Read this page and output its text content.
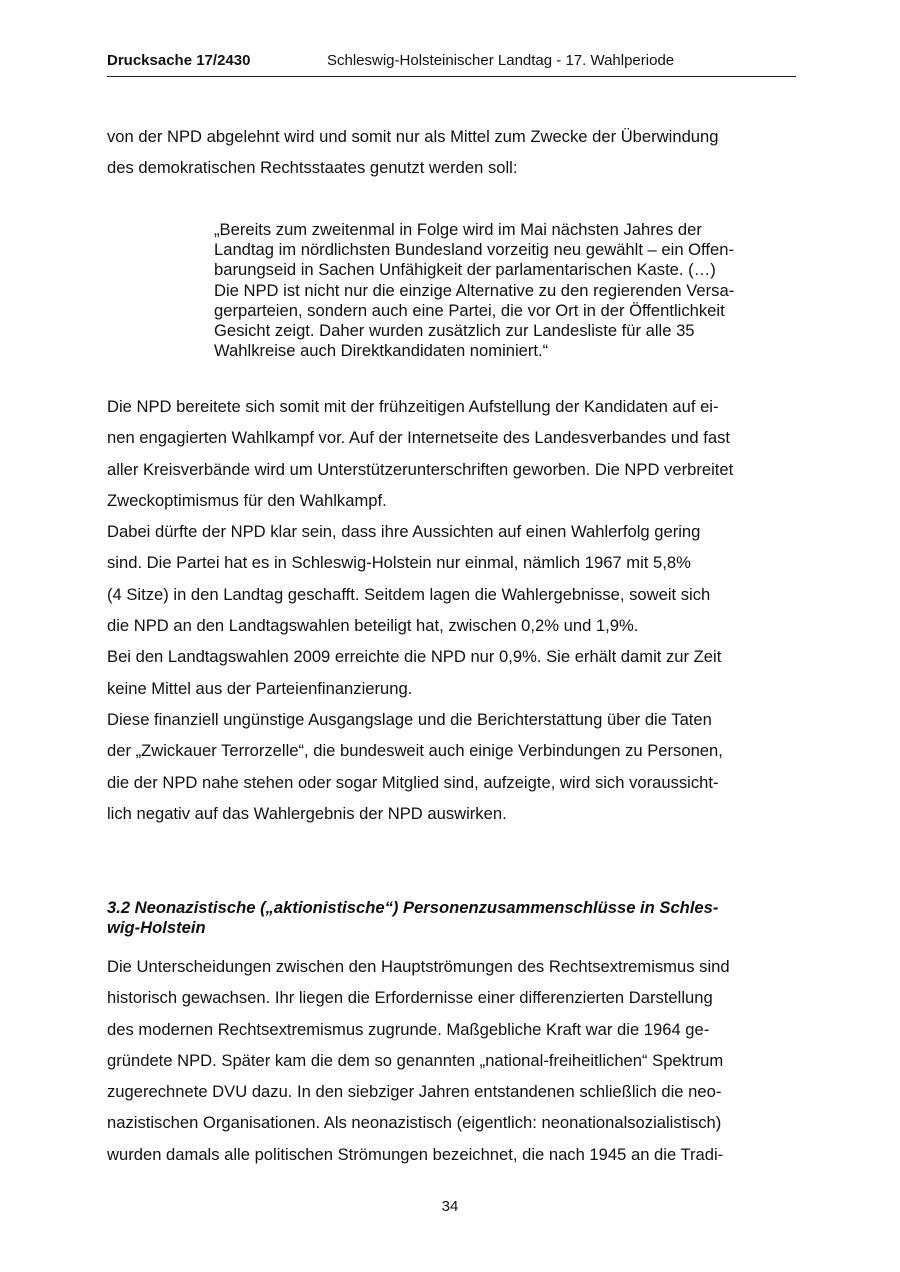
Drucksache 17/2430	Schleswig-Holsteinischer Landtag - 17. Wahlperiode

von der NPD abgelehnt wird und somit nur als Mittel zum Zwecke der Überwindung
des demokratischen Rechtsstaates genutzt werden soll:

„Bereits zum zweitenmal in Folge wird im Mai nächsten Jahres der
Landtag im nördlichsten Bundesland vorzeitig neu gewählt – ein Offen-
barungseid in Sachen Unfähigkeit der parlamentarischen Kaste. (…)
Die NPD ist nicht nur die einzige Alternative zu den regierenden Versa-
gerparteien, sondern auch eine Partei, die vor Ort in der Öffentlichkeit
Gesicht zeigt. Daher wurden zusätzlich zur Landesliste für alle 35
Wahlkreise auch Direktkandidaten nominiert.“

Die NPD bereitete sich somit mit der frühzeitigen Aufstellung der Kandidaten auf ei-
nen engagierten Wahlkampf vor. Auf der Internetseite des Landesverbandes und fast
aller Kreisverbände wird um Unterstützerunterschriften geworben. Die NPD verbreitet
Zweckoptimismus für den Wahlkampf.
Dabei dürfte der NPD klar sein, dass ihre Aussichten auf einen Wahlerfolg gering
sind. Die Partei hat es in Schleswig-Holstein nur einmal, nämlich 1967 mit 5,8%
(4 Sitze) in den Landtag geschafft. Seitdem lagen die Wahlergebnisse, soweit sich
die NPD an den Landtagswahlen beteiligt hat, zwischen 0,2% und 1,9%.
Bei den Landtagswahlen 2009 erreichte die NPD nur 0,9%. Sie erhält damit zur Zeit
keine Mittel aus der Parteienfinanzierung.
Diese finanziell ungünstige Ausgangslage und die Berichterstattung über die Taten
der „Zwickauer Terrorzelle“, die bundesweit auch einige Verbindungen zu Personen,
die der NPD nahe stehen oder sogar Mitglied sind, aufzeigte, wird sich voraussicht-
lich negativ auf das Wahlergebnis der NPD auswirken.

3.2 Neonazistische („aktionistische“) Personenzusammenschlüsse in Schles-
wig-Holstein

Die Unterscheidungen zwischen den Hauptströmungen des Rechtsextremismus sind
historisch gewachsen. Ihr liegen die Erfordernisse einer differenzierten Darstellung
des modernen Rechtsextremismus zugrunde. Maßgebliche Kraft war die 1964 ge-
gründete NPD. Später kam die dem so genannten „national-freiheitlichen“ Spektrum
zugerechnete DVU dazu. In den siebziger Jahren entstandenen schließlich die neo-
nazistischen Organisationen. Als neonazistisch (eigentlich: neonationalsozialistisch)
wurden damals alle politischen Strömungen bezeichnet, die nach 1945 an die Tradi-

34
